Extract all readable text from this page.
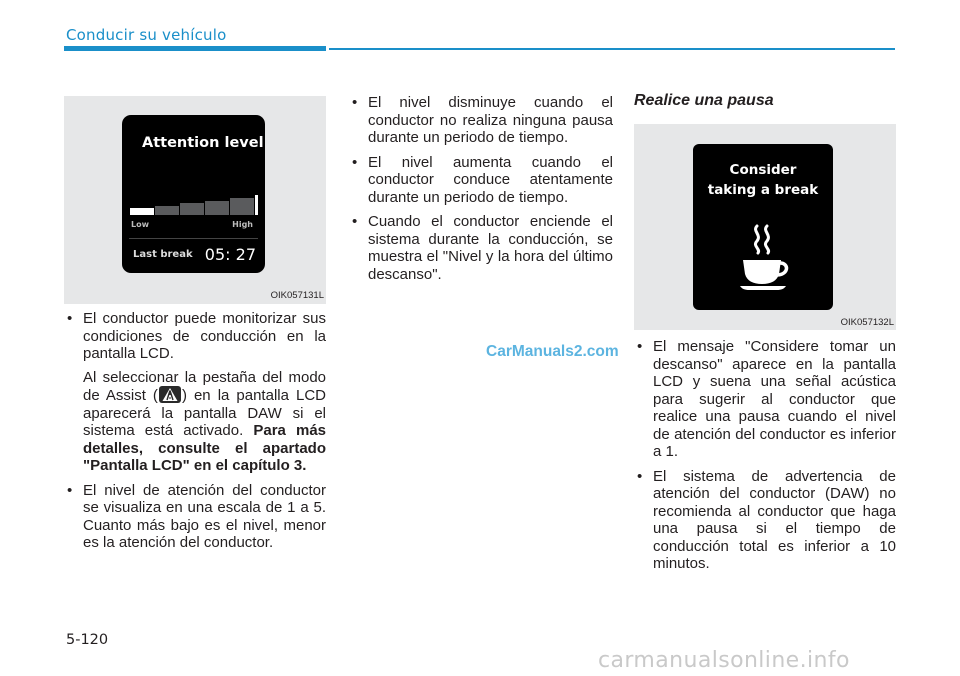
Conducir su vehículo
Attention level
Low	High
Last break 05: 27
OIK057131L

• El conductor puede monitorizar sus condiciones de conducción en la pantalla LCD.

Al seleccionar la pestaña del modo de Assist ( ) en la pantalla LCD aparecerá la pantalla DAW si el sistema está activado. Para más detalles, consulte el apartado "Pantalla LCD" en el capítulo 3.

• El nivel de atención del conductor se visualiza en una escala de 1 a 5. Cuanto más bajo es el nivel, menor es la atención del conductor.
• El nivel disminuye cuando el conductor no realiza ninguna pausa durante un periodo de tiempo.
• El nivel aumenta cuando el conductor conduce atentamente durante un periodo de tiempo.
• Cuando el conductor enciende el sistema durante la conducción, se muestra el "Nivel y la hora del último descanso".
CarManuals2.com
Realice una pausa
Consider
taking a break
OIK057132L
• El mensaje "Considere tomar un descanso" aparece en la pantalla LCD y suena una señal acústica para sugerir al conductor que realice una pausa cuando el nivel de atención del conductor es inferior a 1.
• El sistema de advertencia de atención del conductor (DAW) no recomienda al conductor que haga una pausa si el tiempo de conducción total es inferior a 10 minutos.
5-120
carmanualsonline.info
